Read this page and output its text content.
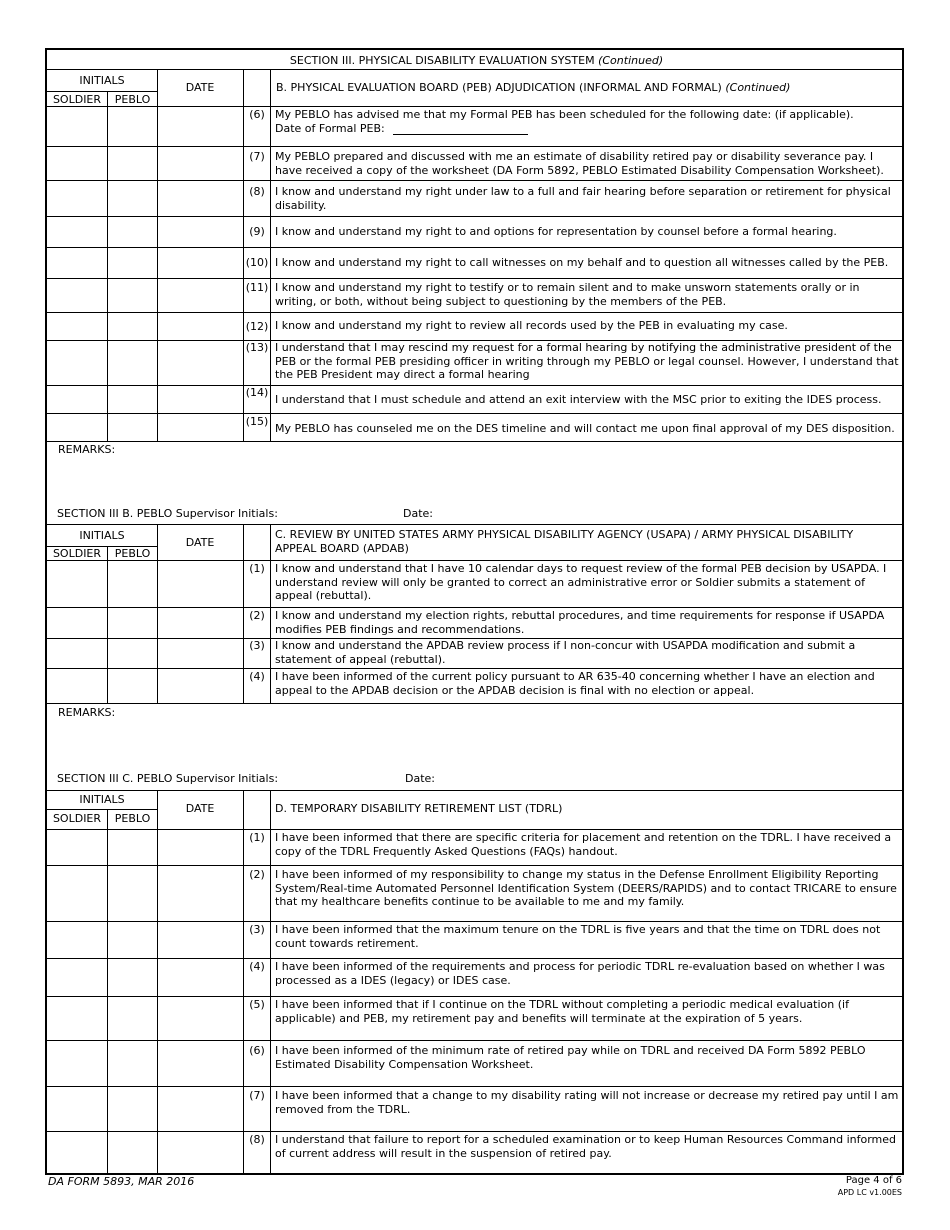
SECTION III. PHYSICAL DISABILITY EVALUATION SYSTEM (Continued)
INITIALS
SOLDIER	PEBLO
DATE	B. PHYSICAL EVALUATION BOARD (PEB) ADJUDICATION (INFORMAL AND FORMAL) (Continued)
(6) My PEBLO has advised me that my Formal PEB has been scheduled for the following date: (if applicable).
Date of Formal PEB:
(7) My PEBLO prepared and discussed with me an estimate of disability retired pay or disability severance pay. I have received a copy of the worksheet (DA Form 5892, PEBLO Estimated Disability Compensation Worksheet).
(8) I know and understand my right under law to a full and fair hearing before separation or retirement for physical disability.
(9) I know and understand my right to and options for representation by counsel before a formal hearing.
(10) I know and understand my right to call witnesses on my behalf and to question all witnesses called by the PEB.
(11) I know and understand my right to testify or to remain silent and to make unsworn statements orally or in writing, or both, without being subject to questioning by the members of the PEB.
(12) I know and understand my right to review all records used by the PEB in evaluating my case.
(13) I understand that I may rescind my request for a formal hearing by notifying the administrative president of the PEB or the formal PEB presiding officer in writing through my PEBLO or legal counsel. However, I understand that the PEB President may direct a formal hearing
(14)
I understand that I must schedule and attend an exit interview with the MSC prior to exiting the IDES process.
(15)
My PEBLO has counseled me on the DES timeline and will contact me upon final approval of my DES disposition.
REMARKS:
SECTION III B. PEBLO Supervisor Initials:	Date:
INITIALS
SOLDIER	PEBLO
DATE
C. REVIEW BY UNITED STATES ARMY PHYSICAL DISABILITY AGENCY (USAPA) / ARMY PHYSICAL DISABILITY APPEAL BOARD (APDAB)
(1) I know and understand that I have 10 calendar days to request review of the formal PEB decision by USAPDA. I understand review will only be granted to correct an administrative error or Soldier submits a statement of appeal (rebuttal).
(2) I know and understand my election rights, rebuttal procedures, and time requirements for response if USAPDA modifies PEB findings and recommendations.
(3) I know and understand the APDAB review process if I non-concur with USAPDA modification and submit a statement of appeal (rebuttal).
(4) I have been informed of the current policy pursuant to AR 635-40 concerning whether I have an election and appeal to the APDAB decision or the APDAB decision is final with no election or appeal.
REMARKS:
SECTION III C. PEBLO Supervisor Initials:	Date:
INITIALS
SOLDIER	PEBLO
DATE	D. TEMPORARY DISABILITY RETIREMENT LIST (TDRL)
(1) I have been informed that there are specific criteria for placement and retention on the TDRL. I have received a copy of the TDRL Frequently Asked Questions (FAQs) handout.
(2) I have been informed of my responsibility to change my status in the Defense Enrollment Eligibility Reporting System/Real-time Automated Personnel Identification System (DEERS/RAPIDS) and to contact TRICARE to ensure that my healthcare benefits continue to be available to me and my family.
(3) I have been informed that the maximum tenure on the TDRL is five years and that the time on TDRL does not count towards retirement.
(4) I have been informed of the requirements and process for periodic TDRL re-evaluation based on whether I was processed as a IDES (legacy) or IDES case.
(5) I have been informed that if I continue on the TDRL without completing a periodic medical evaluation (if applicable) and PEB, my retirement pay and benefits will terminate at the expiration of 5 years.
(6) I have been informed of the minimum rate of retired pay while on TDRL and received DA Form 5892 PEBLO Estimated Disability Compensation Worksheet.
(7) I have been informed that a change to my disability rating will not increase or decrease my retired pay until I am removed from the TDRL.
(8) I understand that failure to report for a scheduled examination or to keep Human Resources Command informed of current address will result in the suspension of retired pay.
DA FORM 5893, MAR 2016	Page 4 of 6
APD LC v1.00ES
